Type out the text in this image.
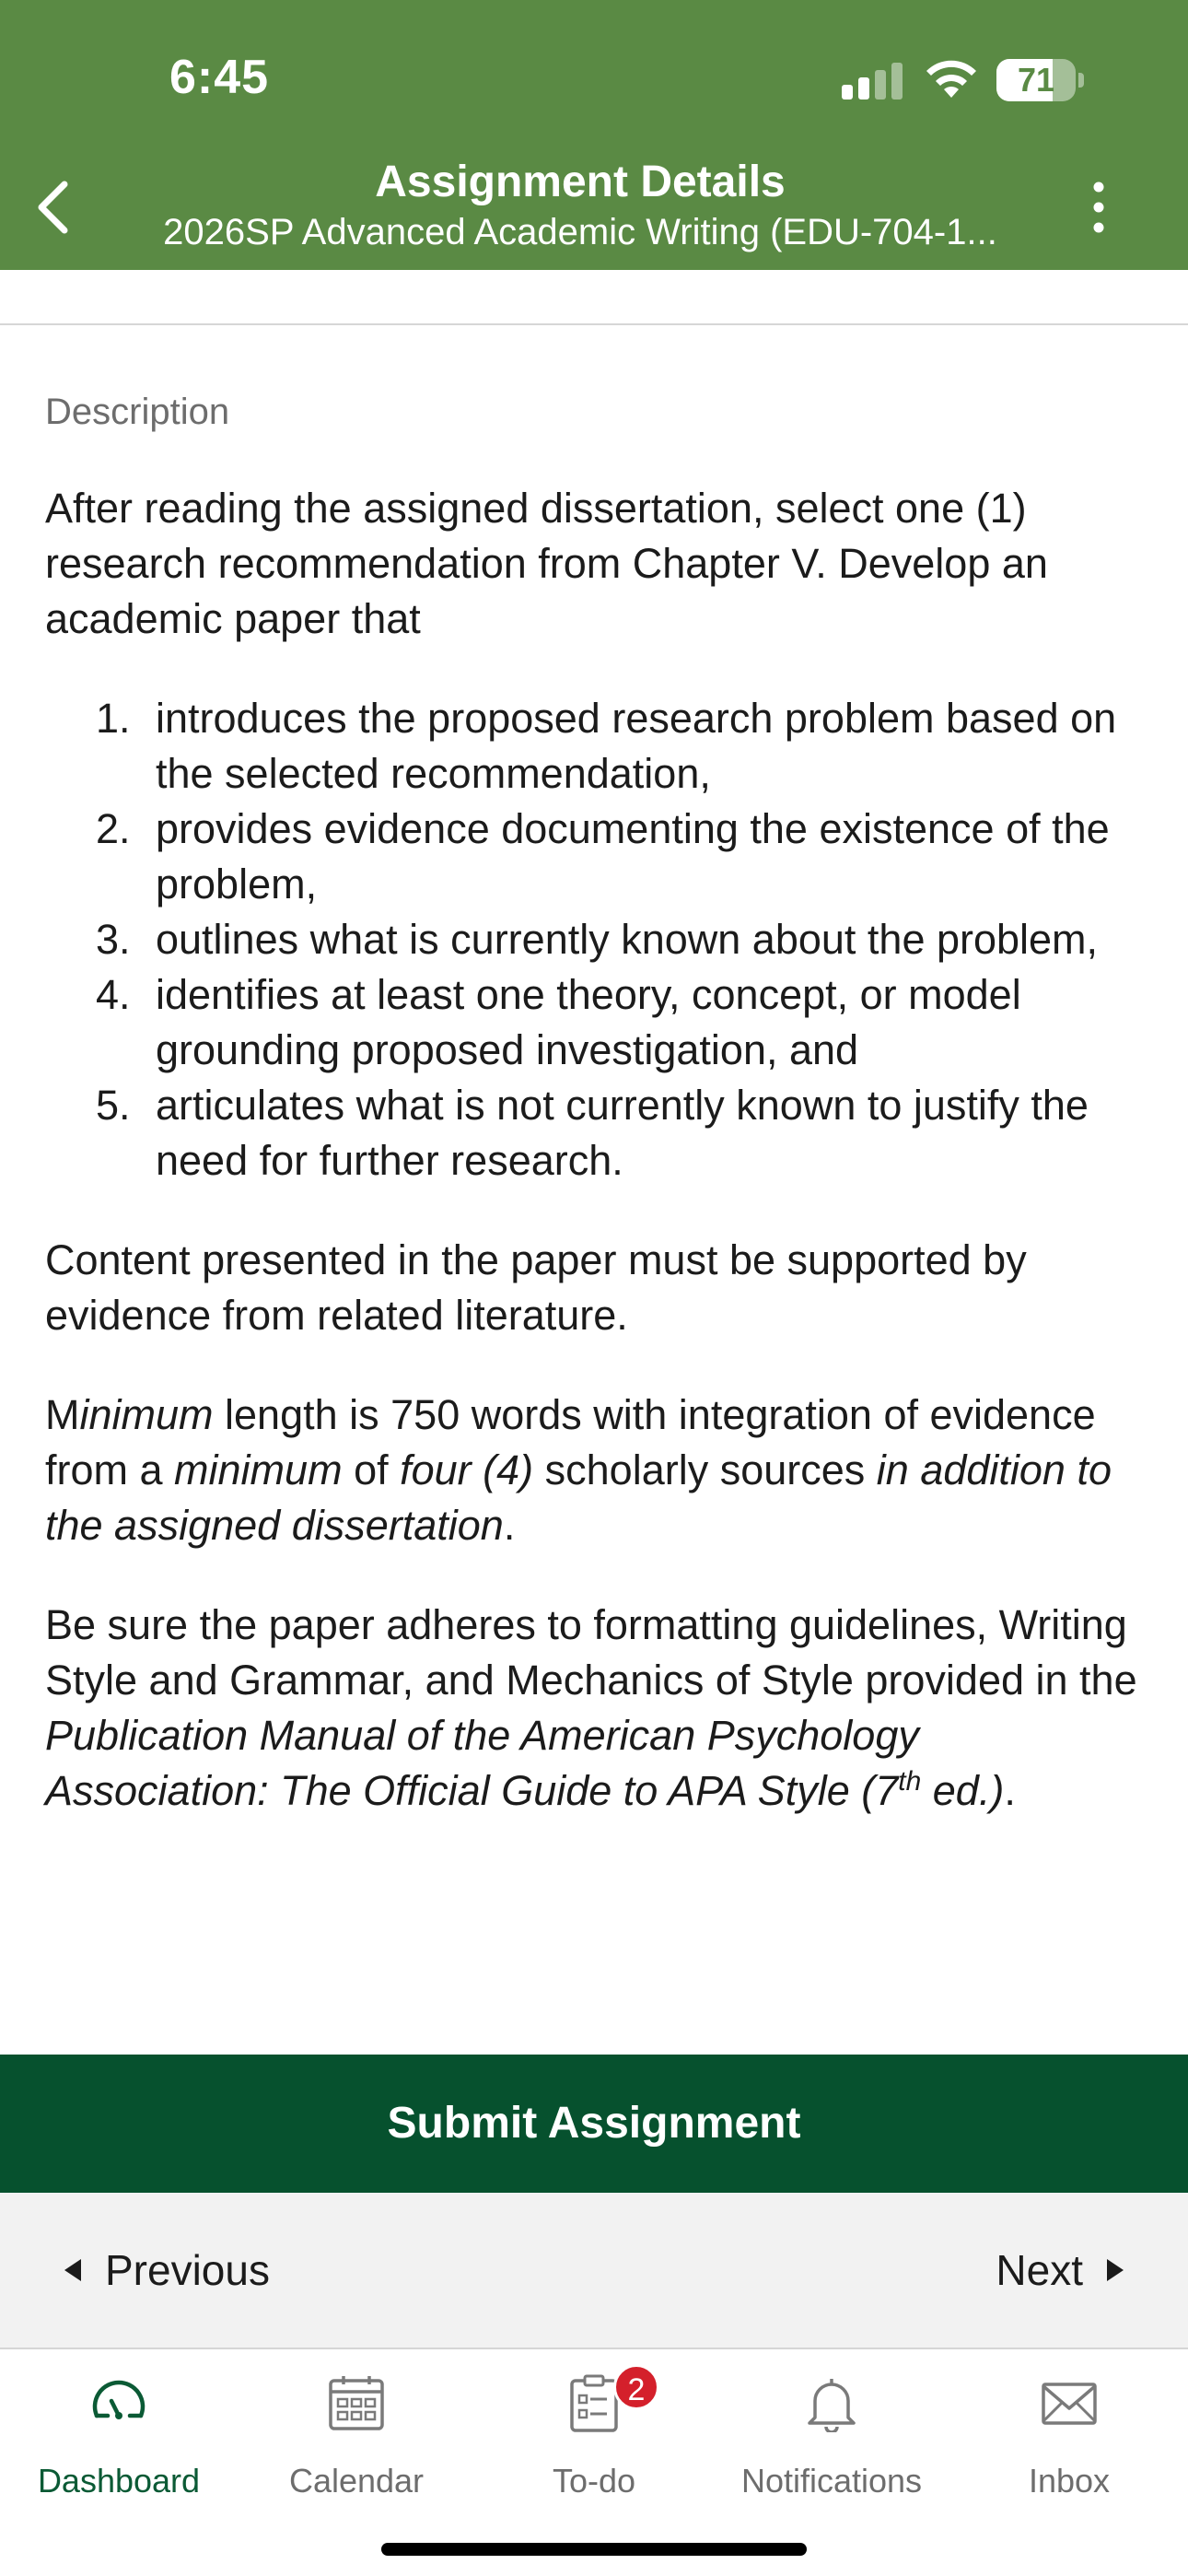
6:45	71
Assignment Details
2026SP Advanced Academic Writing (EDU-704-1...
Description

After reading the assigned dissertation, select one (1) research recommendation from Chapter V. Develop an academic paper that

1. introduces the proposed research problem based on the selected recommendation,
2. provides evidence documenting the existence of the problem,
3. outlines what is currently known about the problem,
4. identifies at least one theory, concept, or model grounding proposed investigation, and
5. articulates what is not currently known to justify the need for further research.

Content presented in the paper must be supported by evidence from related literature.

Minimum length is 750 words with integration of evidence from a minimum of four (4) scholarly sources in addition to the assigned dissertation.

Be sure the paper adheres to formatting guidelines, Writing Style and Grammar, and Mechanics of Style provided in the Publication Manual of the American Psychology Association: The Official Guide to APA Style (7th ed.).

Submit Assignment
Previous	Next
Dashboard	Calendar
2
To-do	Notifications	Inbox
